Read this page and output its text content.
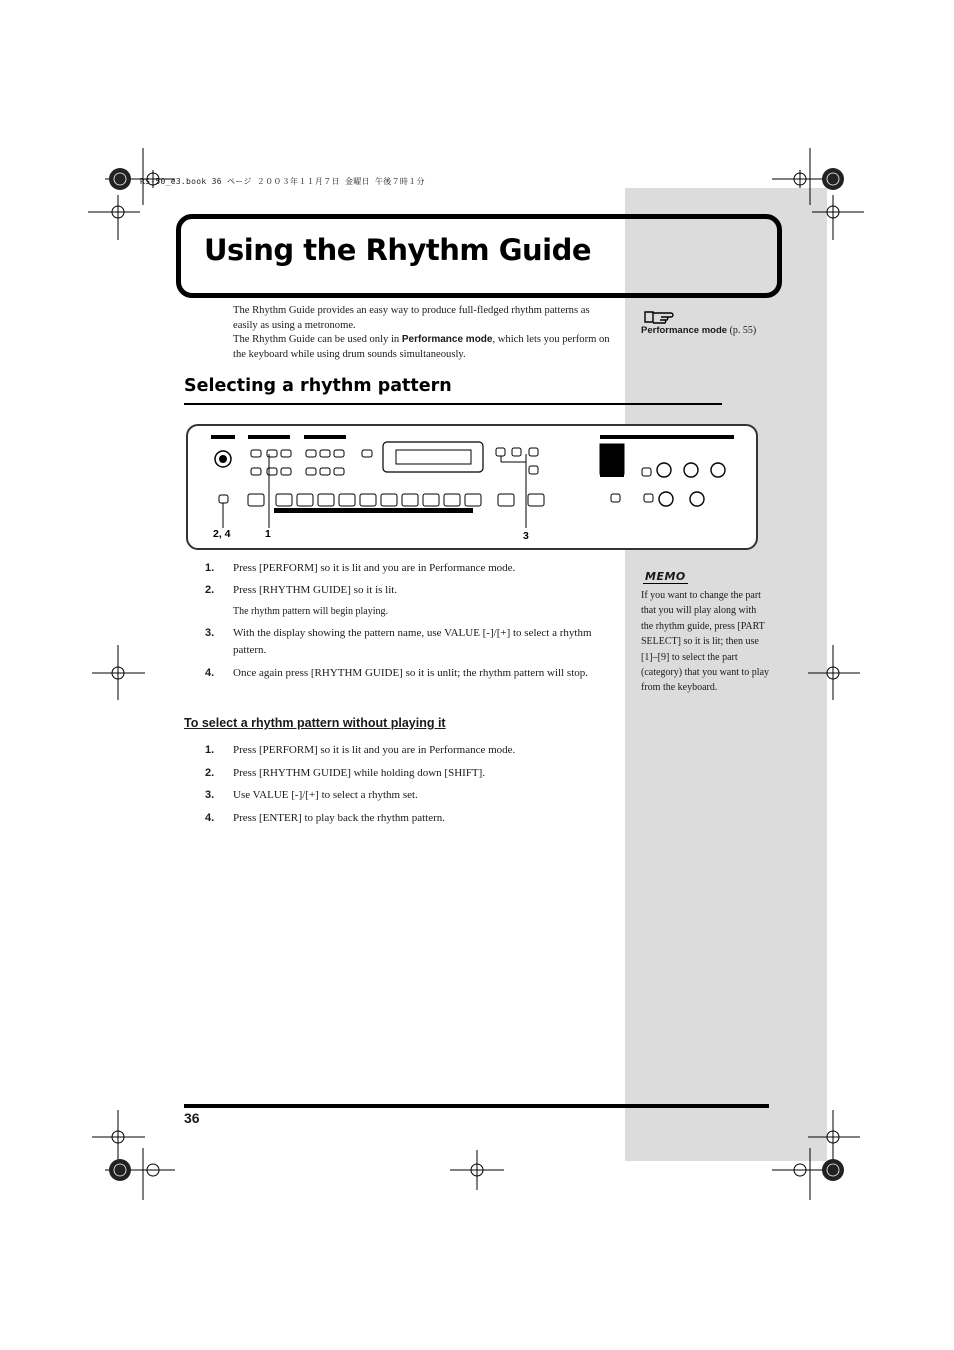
RS-50_e3.book 36 ページ ２００３年１１月７日 金曜日 午後７時１分
Using the Rhythm Guide
The Rhythm Guide provides an easy way to produce full-fledged rhythm patterns as easily as using a metronome.
The Rhythm Guide can be used only in Performance mode, which lets you perform on the keyboard while using drum sounds simultaneously.
Performance mode (p. 55)
Selecting a rhythm pattern
2, 4	1	3
1. Press [PERFORM] so it is lit and you are in Performance mode.
2. Press [RHYTHM GUIDE] so it is lit.
The rhythm pattern will begin playing.
3. With the display showing the pattern name, use VALUE [-]/[+] to select a rhythm pattern.
4. Once again press [RHYTHM GUIDE] so it is unlit; the rhythm pattern will stop.
To select a rhythm pattern without playing it
1. Press [PERFORM] so it is lit and you are in Performance mode.
2. Press [RHYTHM GUIDE] while holding down [SHIFT].
3. Use VALUE [-]/[+] to select a rhythm set.
4. Press [ENTER] to play back the rhythm pattern.
MEMO
If you want to change the part that you will play along with the rhythm guide, press [PART SELECT] so it is lit; then use [1]–[9] to select the part (category) that you want to play from the keyboard.
36
